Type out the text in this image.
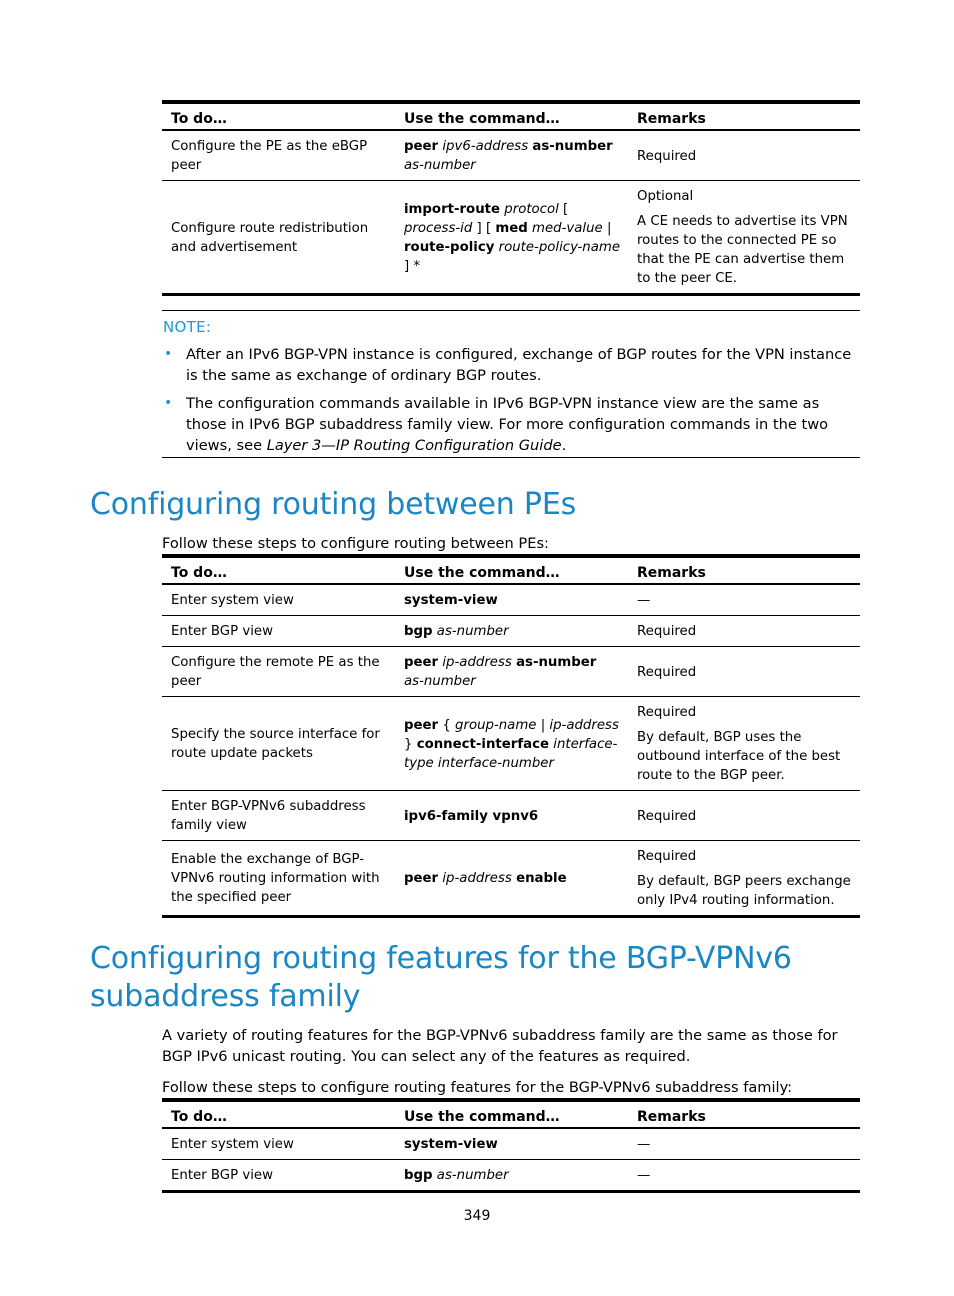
To do…	Use the command…	Remarks
Configure the PE as the eBGP peer	peer ipv6-address as-number as-number	Required

Configure route redistribution and advertisement	import-route protocol [ process-id ] [ med med-value | route-policy route-policy-name ] *	Optional
A CE needs to advertise its VPN routes to the connected PE so that the PE can advertise them to the peer CE.
NOTE:
• After an IPv6 BGP-VPN instance is configured, exchange of BGP routes for the VPN instance is the same as exchange of ordinary BGP routes.
• The configuration commands available in IPv6 BGP-VPN instance view are the same as those in IPv6 BGP subaddress family view. For more configuration commands in the two views, see Layer 3—IP Routing Configuration Guide.
Configuring routing between PEs

Follow these steps to configure routing between PEs:

To do…	Use the command…	Remarks
Enter system view	system-view	—

Enter BGP view	bgp as-number	Required

Configure the remote PE as the peer	peer ip-address as-number as-number	Required

Specify the source interface for route update packets	peer { group-name | ip-address } connect-interface interface-type interface-number	Required
By default, BGP uses the outbound interface of the best route to the BGP peer.

Enter BGP-VPNv6 subaddress family view	ipv6-family vpnv6	Required

Enable the exchange of BGP-VPNv6 routing information with the specified peer	peer ip-address enable	Required
By default, BGP peers exchange only IPv4 routing information.
Configuring routing features for the BGP-VPNv6 subaddress family

A variety of routing features for the BGP-VPNv6 subaddress family are the same as those for BGP IPv6 unicast routing. You can select any of the features as required.

Follow these steps to configure routing features for the BGP-VPNv6 subaddress family:

To do…	Use the command…	Remarks
Enter system view	system-view	—

Enter BGP view	bgp as-number	—
349
